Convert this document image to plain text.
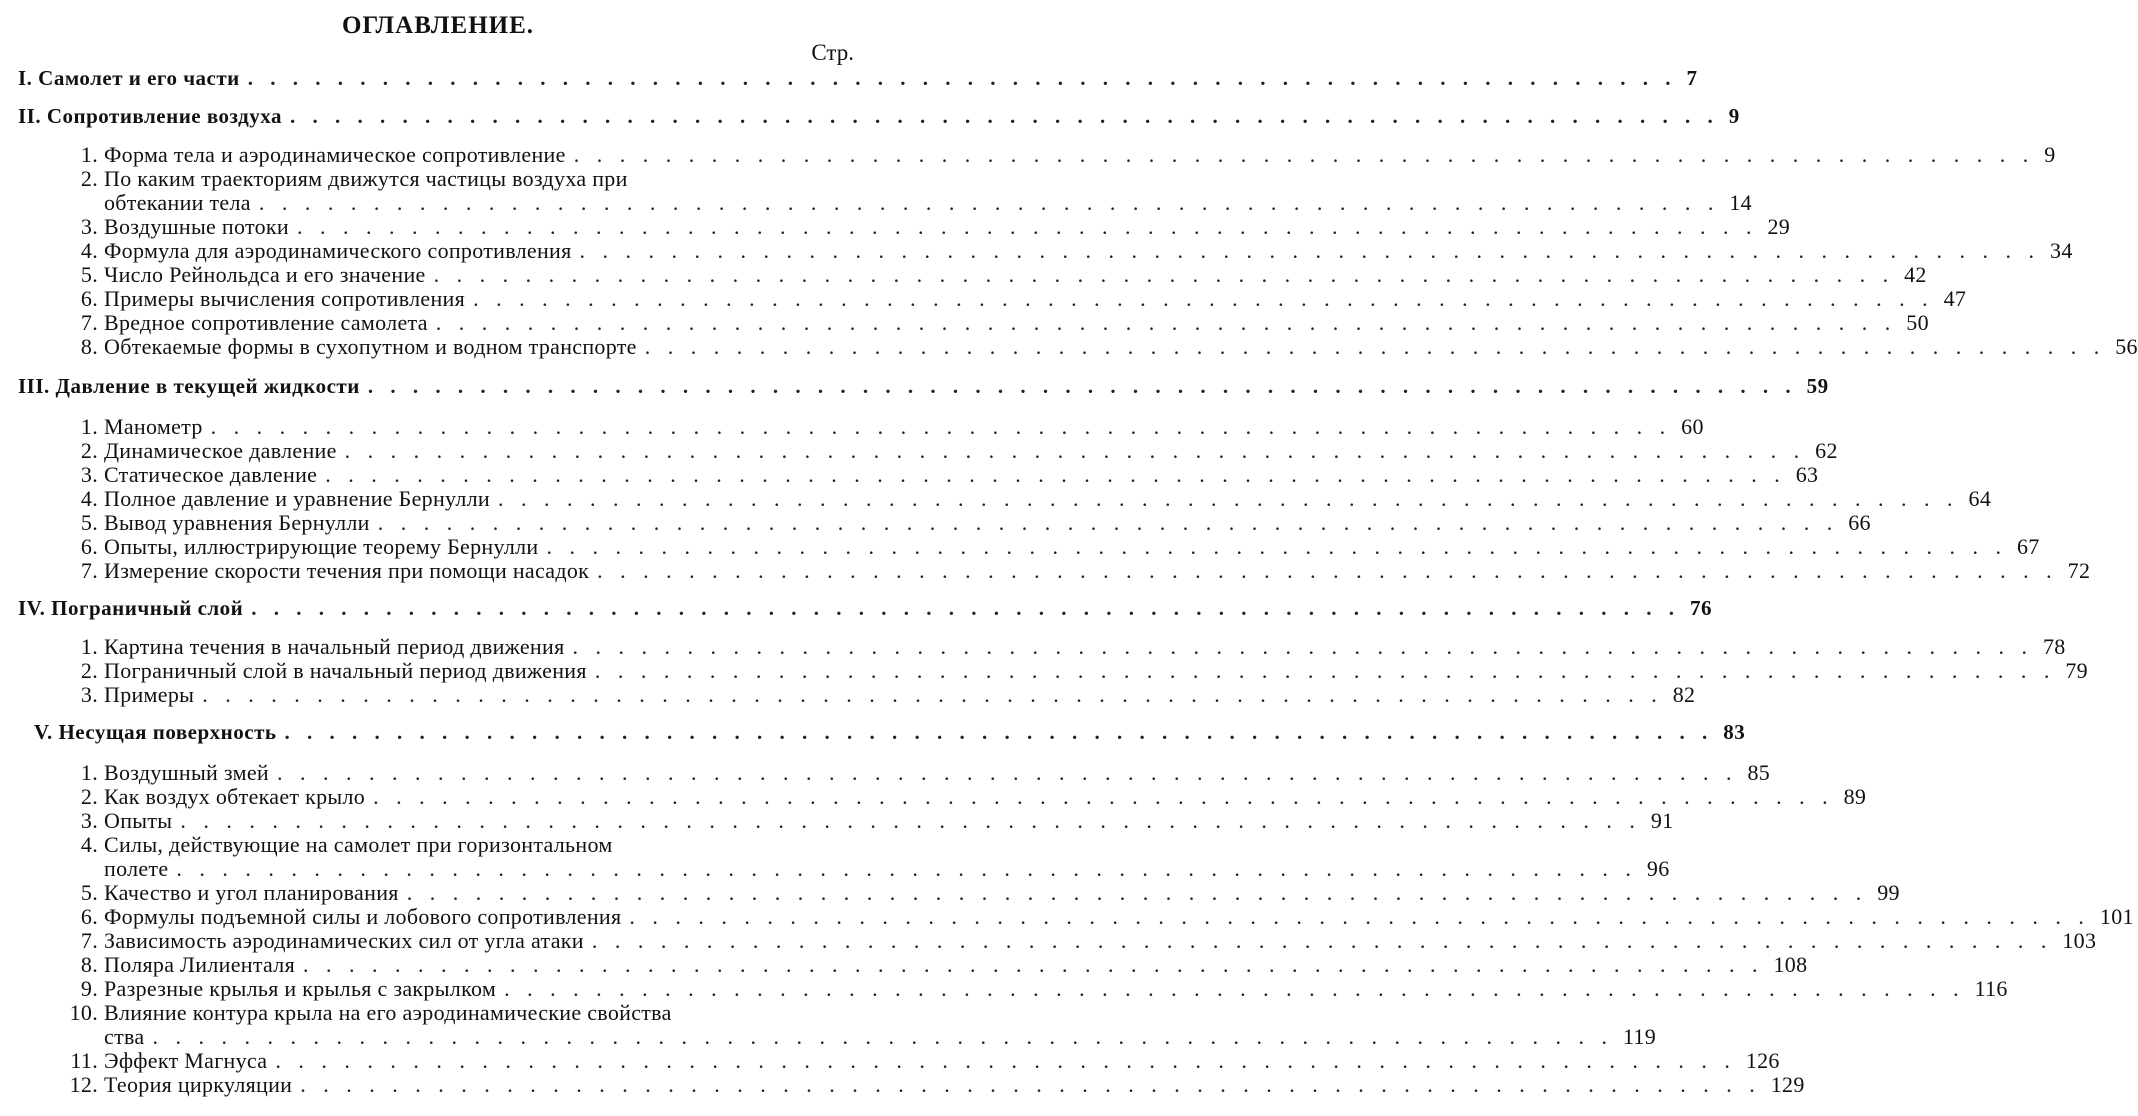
ОГЛАВЛЕНИЕ.
Стр.
I. Самолет и его части . . . . . . . . . . . . . . . . . . . . . . . . . . . . . . . . . . . . . . . . . . . . . . . . . . . . . . . . . . . . . . . . 7
II. Сопротивление воздуха . . . . . . . . . . . . . . . . . . . . . . . . . . . . . . . . . . . . . . . . . . . . . . . . . . . . . . . . . . . . . . . . 9
1. Форма тела и аэродинамическое сопротивление . . . . . . . . . . . . . . . . . . . . . . . . . . . . . . . . . . . . . . . . . . . . . . . . . . . . . . . . . . . . . . . . 9
2. По каким траекториям движутся частицы воздуха при
обтекании тела . . . . . . . . . . . . . . . . . . . . . . . . . . . . . . . . . . . . . . . . . . . . . . . . . . . . . . . . . . . . . . . . 14
3. Воздушные потоки . . . . . . . . . . . . . . . . . . . . . . . . . . . . . . . . . . . . . . . . . . . . . . . . . . . . . . . . . . . . . . . . 29
4. Формула для аэродинамического сопротивления . . . . . . . . . . . . . . . . . . . . . . . . . . . . . . . . . . . . . . . . . . . . . . . . . . . . . . . . . . . . . . . . 34
5. Число Рейнольдса и его значение . . . . . . . . . . . . . . . . . . . . . . . . . . . . . . . . . . . . . . . . . . . . . . . . . . . . . . . . . . . . . . . . 42
6. Примеры вычисления сопротивления . . . . . . . . . . . . . . . . . . . . . . . . . . . . . . . . . . . . . . . . . . . . . . . . . . . . . . . . . . . . . . . . 47
7. Вредное сопротивление самолета . . . . . . . . . . . . . . . . . . . . . . . . . . . . . . . . . . . . . . . . . . . . . . . . . . . . . . . . . . . . . . . . 50
8. Обтекаемые формы в сухопутном и водном транспорте . . . . . . . . . . . . . . . . . . . . . . . . . . . . . . . . . . . . . . . . . . . . . . . . . . . . . . . . . . . . . . . . 56
III. Давление в текущей жидкости . . . . . . . . . . . . . . . . . . . . . . . . . . . . . . . . . . . . . . . . . . . . . . . . . . . . . . . . . . . . . . . . 59
1. Манометр . . . . . . . . . . . . . . . . . . . . . . . . . . . . . . . . . . . . . . . . . . . . . . . . . . . . . . . . . . . . . . . . 60
2. Динамическое давление . . . . . . . . . . . . . . . . . . . . . . . . . . . . . . . . . . . . . . . . . . . . . . . . . . . . . . . . . . . . . . . . 62
3. Статическое давление . . . . . . . . . . . . . . . . . . . . . . . . . . . . . . . . . . . . . . . . . . . . . . . . . . . . . . . . . . . . . . . . 63
4. Полное давление и уравнение Бернулли . . . . . . . . . . . . . . . . . . . . . . . . . . . . . . . . . . . . . . . . . . . . . . . . . . . . . . . . . . . . . . . . 64
5. Вывод уравнения Бернулли . . . . . . . . . . . . . . . . . . . . . . . . . . . . . . . . . . . . . . . . . . . . . . . . . . . . . . . . . . . . . . . . 66
6. Опыты, иллюстрирующие теорему Бернулли . . . . . . . . . . . . . . . . . . . . . . . . . . . . . . . . . . . . . . . . . . . . . . . . . . . . . . . . . . . . . . . . 67
7. Измерение скорости течения при помощи насадок . . . . . . . . . . . . . . . . . . . . . . . . . . . . . . . . . . . . . . . . . . . . . . . . . . . . . . . . . . . . . . . . 72
IV. Пограничный слой . . . . . . . . . . . . . . . . . . . . . . . . . . . . . . . . . . . . . . . . . . . . . . . . . . . . . . . . . . . . . . . . 76
1. Картина течения в начальный период движения . . . . . . . . . . . . . . . . . . . . . . . . . . . . . . . . . . . . . . . . . . . . . . . . . . . . . . . . . . . . . . . . 78
2. Пограничный слой в начальный период движения . . . . . . . . . . . . . . . . . . . . . . . . . . . . . . . . . . . . . . . . . . . . . . . . . . . . . . . . . . . . . . . . 79
3. Примеры . . . . . . . . . . . . . . . . . . . . . . . . . . . . . . . . . . . . . . . . . . . . . . . . . . . . . . . . . . . . . . . . 82
V. Несущая поверхность . . . . . . . . . . . . . . . . . . . . . . . . . . . . . . . . . . . . . . . . . . . . . . . . . . . . . . . . . . . . . . . . 83
1. Воздушный змей . . . . . . . . . . . . . . . . . . . . . . . . . . . . . . . . . . . . . . . . . . . . . . . . . . . . . . . . . . . . . . . . 85
2. Как воздух обтекает крыло . . . . . . . . . . . . . . . . . . . . . . . . . . . . . . . . . . . . . . . . . . . . . . . . . . . . . . . . . . . . . . . . 89
3. Опыты . . . . . . . . . . . . . . . . . . . . . . . . . . . . . . . . . . . . . . . . . . . . . . . . . . . . . . . . . . . . . . . . 91
4. Силы, действующие на самолет при горизонтальном
полете . . . . . . . . . . . . . . . . . . . . . . . . . . . . . . . . . . . . . . . . . . . . . . . . . . . . . . . . . . . . . . . . 96
5. Качество и угол планирования . . . . . . . . . . . . . . . . . . . . . . . . . . . . . . . . . . . . . . . . . . . . . . . . . . . . . . . . . . . . . . . . 99
6. Формулы подъемной силы и лобового сопротивления . . . . . . . . . . . . . . . . . . . . . . . . . . . . . . . . . . . . . . . . . . . . . . . . . . . . . . . . . . . . . . . . 101
7. Зависимость аэродинамических сил от угла атаки . . . . . . . . . . . . . . . . . . . . . . . . . . . . . . . . . . . . . . . . . . . . . . . . . . . . . . . . . . . . . . . . 103
8. Поляра Лилиенталя . . . . . . . . . . . . . . . . . . . . . . . . . . . . . . . . . . . . . . . . . . . . . . . . . . . . . . . . . . . . . . . . 108
9. Разрезные крылья и крылья с закрылком . . . . . . . . . . . . . . . . . . . . . . . . . . . . . . . . . . . . . . . . . . . . . . . . . . . . . . . . . . . . . . . . 116
10. Влияние контура крыла на его аэродинамические свойства
ства . . . . . . . . . . . . . . . . . . . . . . . . . . . . . . . . . . . . . . . . . . . . . . . . . . . . . . . . . . . . . . . . 119
11. Эффект Магнуса . . . . . . . . . . . . . . . . . . . . . . . . . . . . . . . . . . . . . . . . . . . . . . . . . . . . . . . . . . . . . . . . 126
12. Теория циркуляции . . . . . . . . . . . . . . . . . . . . . . . . . . . . . . . . . . . . . . . . . . . . . . . . . . . . . . . . . . . . . . . . 129
